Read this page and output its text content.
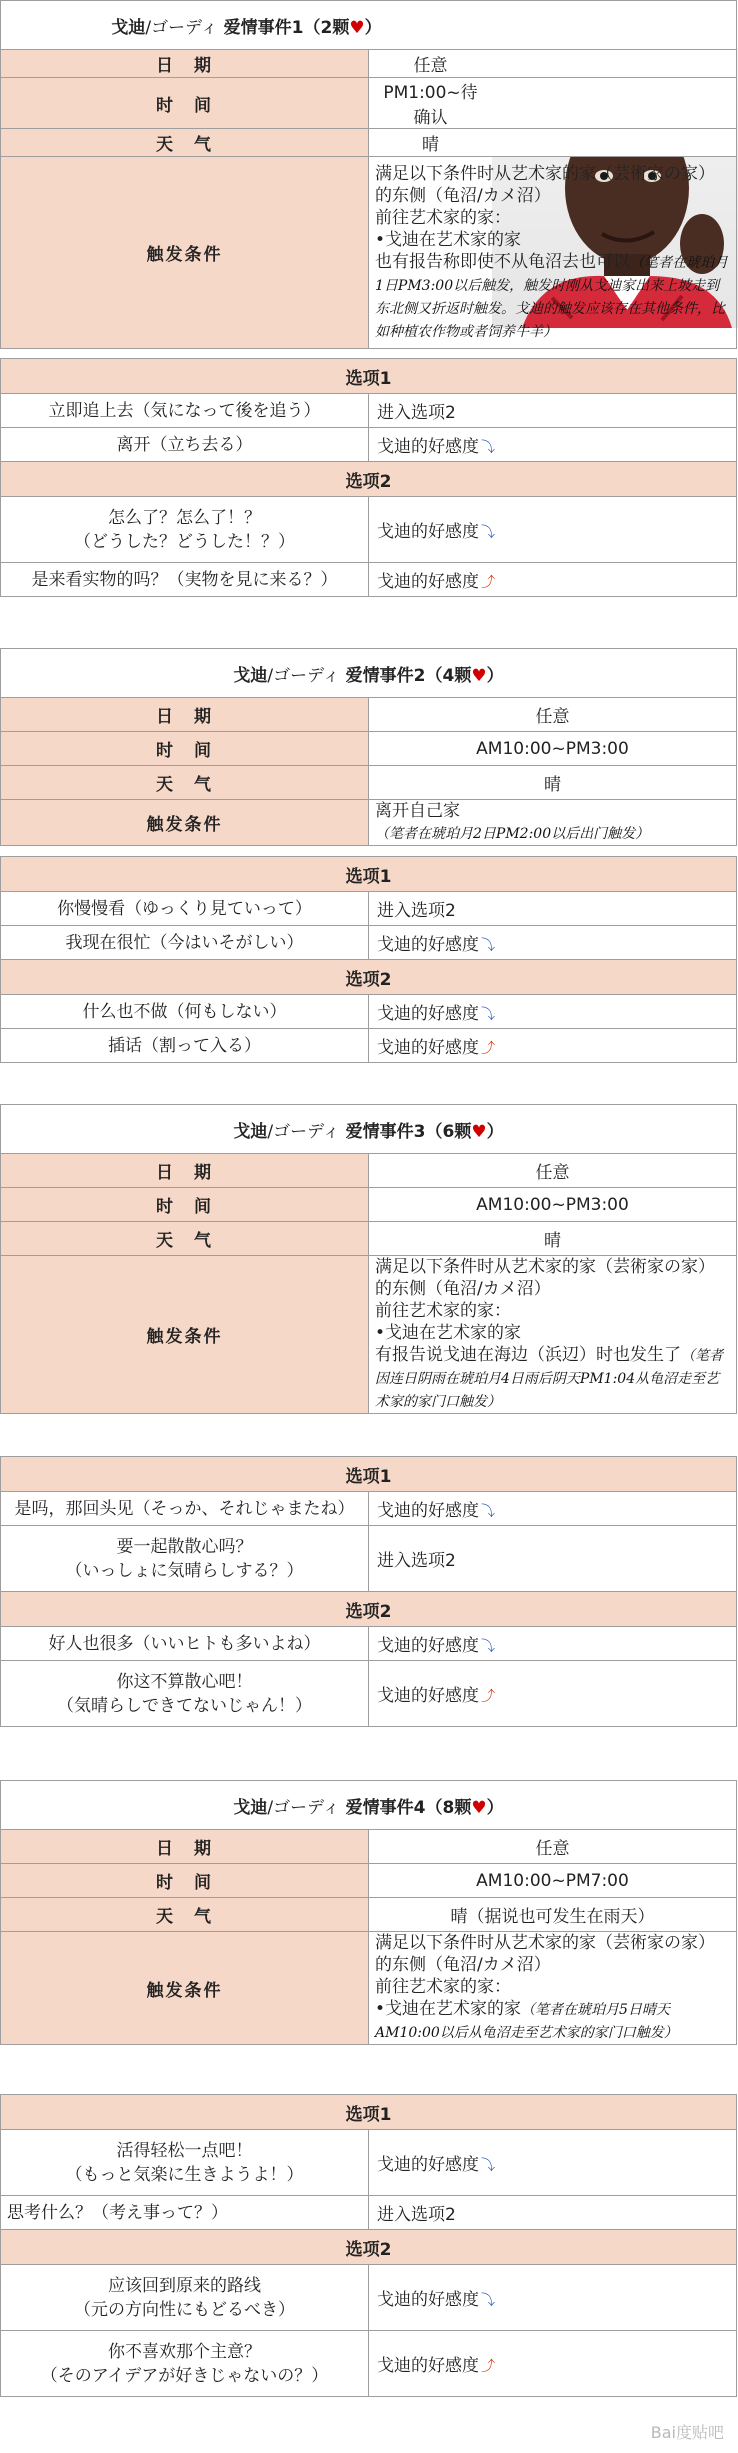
戈迪/ゴーディ 爱情事件1（2颗♥）	
日　期	任意
时　间	PM1:00~待确认
天　气	晴
触发条件	满足以下条件时从艺术家的家（芸術家の家）的东侧（龟沼/カメ沼）
前往艺术家的家：
•戈迪在艺术家的家
也有报告称即使不从龟沼去也可以（笔者在琥珀月1日PM3:00以后触发，触发时刚从戈迪家出来上坡走到东北侧又折返时触发。戈迪的触发应该存在其他条件，比如种植农作物或者饲养牛羊）
选项1	
立即追上去（気になって後を追う）	进入选项2
离开（立ち去る）	戈迪的好感度 ⤵
选项2	

怎么了？怎么了！？
（どうした？どうした！？）	戈迪的好感度 ⤵
是来看实物的吗？（実物を見に来る？）	戈迪的好感度 ⤴
戈迪/ゴーディ 爱情事件2（4颗♥）	
日　期	任意
时　间	AM10:00~PM3:00
天　气	晴
触发条件	离开自己家（笔者在琥珀月2日PM2:00以后出门触发）
选项1	
你慢慢看（ゆっくり見ていって）	进入选项2
我现在很忙（今はいそがしい）	戈迪的好感度 ⤵
选项2	
什么也不做（何もしない）	戈迪的好感度 ⤵
插话（割って入る）	戈迪的好感度 ⤴
戈迪/ゴーディ 爱情事件3（6颗♥）	
日　期	任意
时　间	AM10:00~PM3:00
天　气	晴
触发条件	满足以下条件时从艺术家的家（芸術家の家）的东侧（龟沼/カメ沼）
前往艺术家的家：
•戈迪在艺术家的家
有报告说戈迪在海边（浜辺）时也发生了（笔者因连日阴雨在琥珀月4日雨后阴天PM1:04从龟沼走至艺术家的家门口触发）
选项1	
是吗，那回头见（そっか、それじゃまたね）	戈迪的好感度 ⤵

要一起散散心吗？
（いっしょに気晴らしする？）	进入选项2
选项2	
好人也很多（いいヒトも多いよね）	戈迪的好感度 ⤵

你这不算散心吧！
（気晴らしできてないじゃん！）	戈迪的好感度 ⤴
戈迪/ゴーディ 爱情事件4（8颗♥）	
日　期	任意
时　间	AM10:00~PM7:00
天　气	晴（据说也可发生在雨天）
触发条件	满足以下条件时从艺术家的家（芸術家の家）的东侧（龟沼/カメ沼）
前往艺术家的家：
•戈迪在艺术家的家（笔者在琥珀月5日晴天AM10:00以后从龟沼走至艺术家的家门口触发）
选项1	

活得轻松一点吧！
（もっと気楽に生きようよ！）	戈迪的好感度 ⤵
思考什么？（考え事って？）	进入选项2
选项2	

应该回到原来的路线
（元の方向性にもどるべき）	戈迪的好感度 ⤵

你不喜欢那个主意？
（そのアイデアが好きじゃないの？）	戈迪的好感度 ⤴
Bai度贴吧
